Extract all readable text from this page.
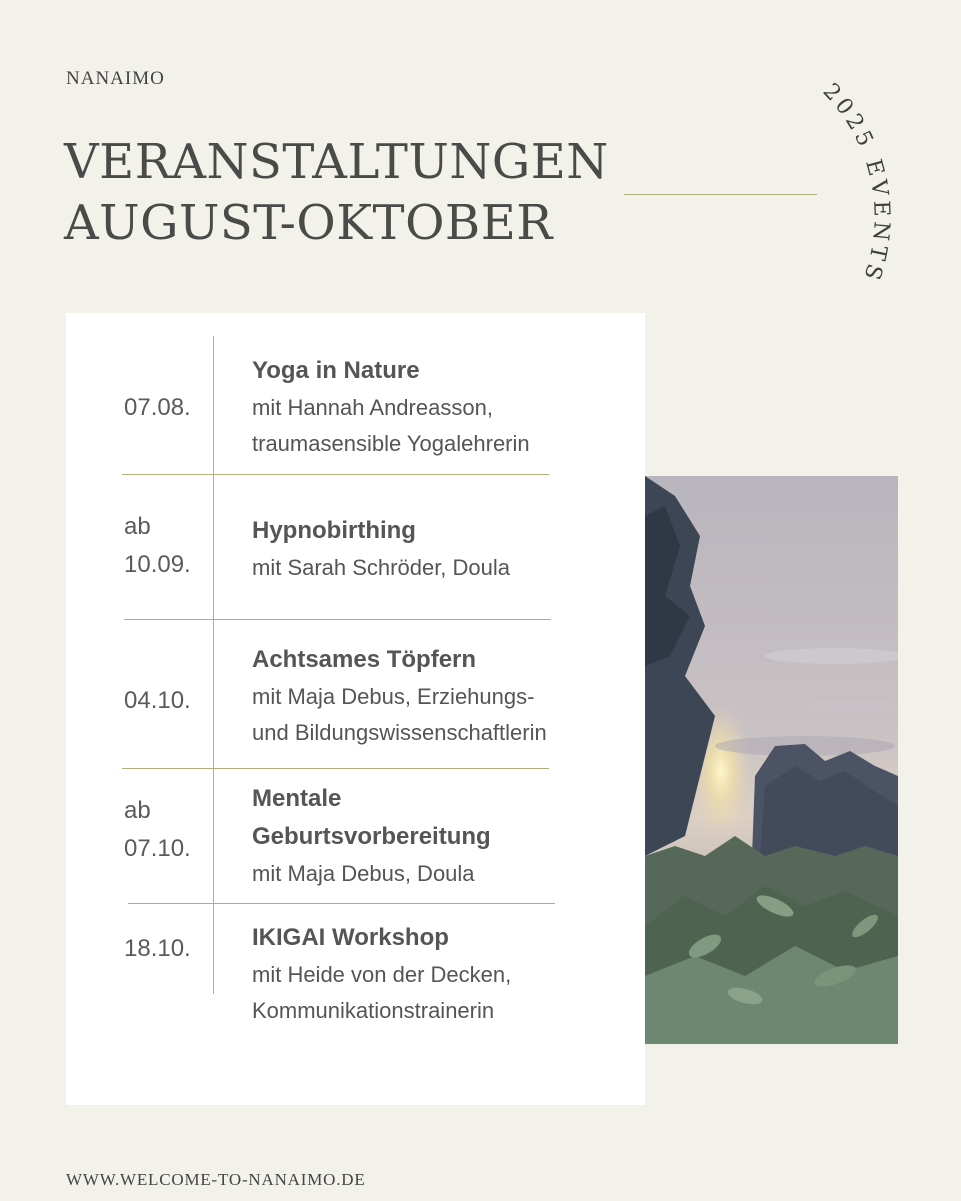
NANAIMO
VERANSTALTUNGEN
AUGUST-OKTOBER
2025 EVENTS
07.08.
Yoga in Nature
mit Hannah Andreasson,
traumasensible Yogalehrerin
ab
10.09.
Hypnobirthing
mit Sarah Schröder, Doula
04.10.
Achtsames Töpfern
mit Maja Debus, Erziehungs-
und Bildungswissenschaftlerin
ab
07.10.
Mentale
Geburtsvorbereitung
mit Maja Debus, Doula
18.10.	IKIGAI Workshop
mit Heide von der Decken,
Kommunikationstrainerin
WWW.WELCOME-TO-NANAIMO.DE
